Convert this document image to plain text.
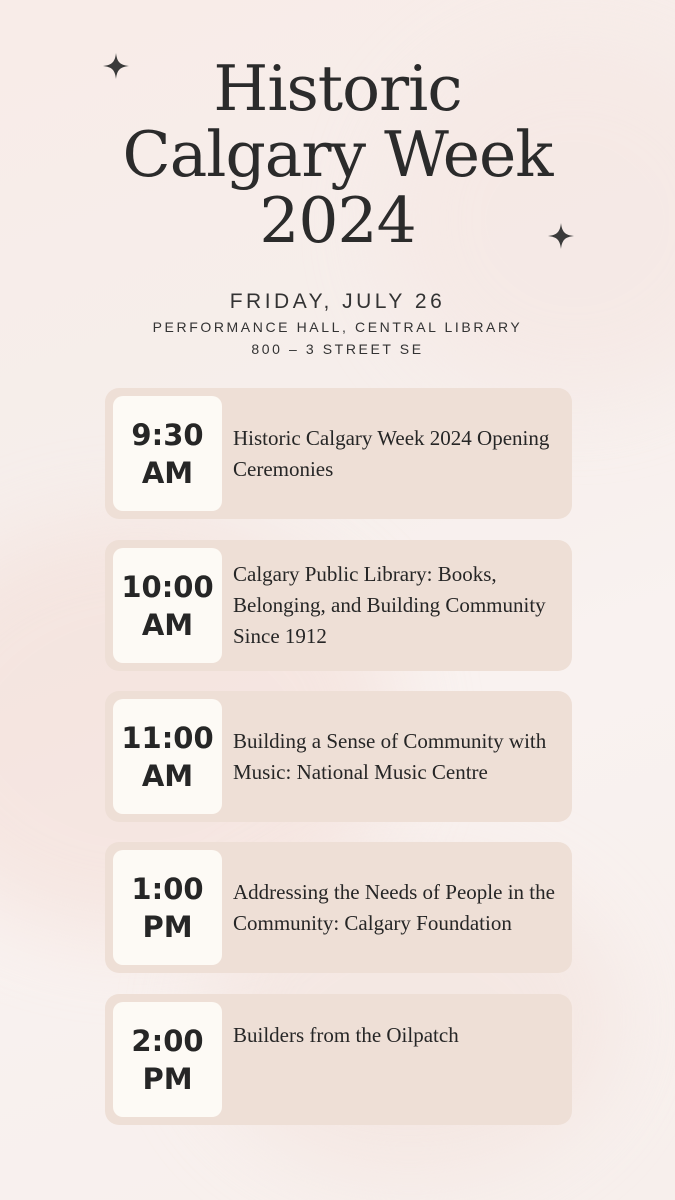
Historic
Calgary Week
2024
FRIDAY, JULY 26
PERFORMANCE HALL, CENTRAL LIBRARY
800 – 3 STREET SE
9:30
AM
Historic Calgary Week 2024 Opening Ceremonies
10:00
AM
Calgary Public Library: Books, Belonging, and Building Community Since 1912
11:00
AM
Building a Sense of Community with Music: National Music Centre
1:00
PM
Addressing the Needs of People in the Community: Calgary Foundation
2:00
PM
Builders from the Oilpatch
